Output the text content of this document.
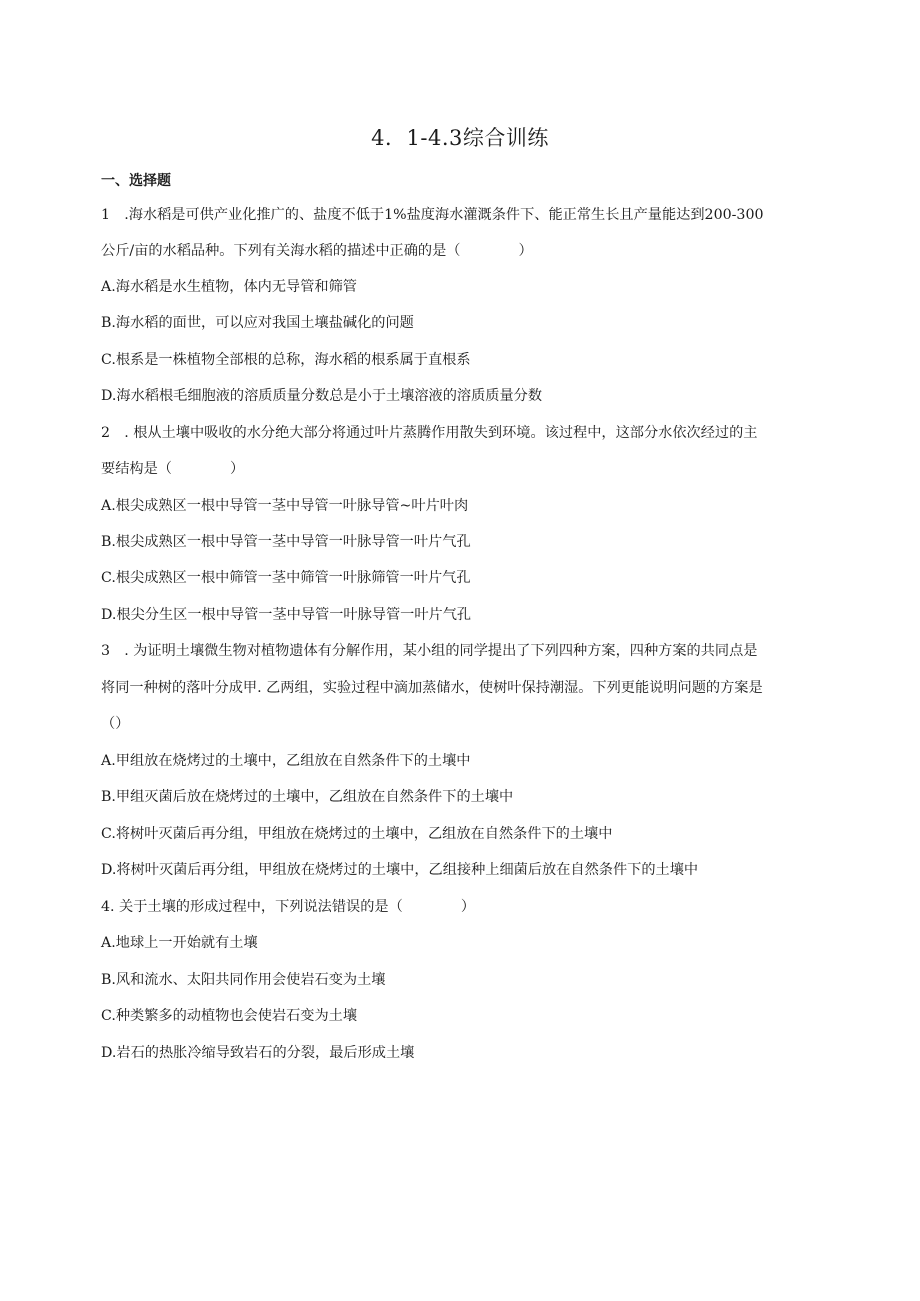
4．1-4.3综合训练
一、选择题
1　.海水稻是可供产业化推广的、盐度不低于1%盐度海水灌溉条件下、能正常生长且产量能达到200-300
公斤/亩的水稻品种。下列有关海水稻的描述中正确的是（	）
A.海水稻是水生植物，体内无导管和筛管
B.海水稻的面世，可以应对我国土壤盐碱化的问题
C.根系是一株植物全部根的总称，海水稻的根系属于直根系
D.海水稻根毛细胞液的溶质质量分数总是小于土壤溶液的溶质质量分数
2　. 根从土壤中吸收的水分绝大部分将通过叶片蒸腾作用散失到环境。该过程中，这部分水依次经过的主
要结构是（	）
A.根尖成熟区一根中导管一茎中导管一叶脉导管~叶片叶肉
B.根尖成熟区一根中导管一茎中导管一叶脉导管一叶片气孔
C.根尖成熟区一根中筛管一茎中筛管一叶脉筛管一叶片气孔
D.根尖分生区一根中导管一茎中导管一叶脉导管一叶片气孔
3　. 为证明土壤微生物对植物遗体有分解作用，某小组的同学提出了下列四种方案，四种方案的共同点是
将同一种树的落叶分成甲. 乙两组，实验过程中滴加蒸储水，使树叶保持潮湿。下列更能说明问题的方案是
（）
A.甲组放在烧烤过的土壤中，乙组放在自然条件下的土壤中
B.甲组灭菌后放在烧烤过的土壤中，乙组放在自然条件下的土壤中
C.将树叶灭菌后再分组，甲组放在烧烤过的土壤中，乙组放在自然条件下的土壤中
D.将树叶灭菌后再分组，甲组放在烧烤过的土壤中，乙组接种上细菌后放在自然条件下的土壤中
4. 关于土壤的形成过程中，下列说法错误的是（	）
A.地球上一开始就有土壤
B.风和流水、太阳共同作用会使岩石变为土壤
C.种类繁多的动植物也会使岩石变为土壤
D.岩石的热胀冷缩导致岩石的分裂，最后形成土壤
